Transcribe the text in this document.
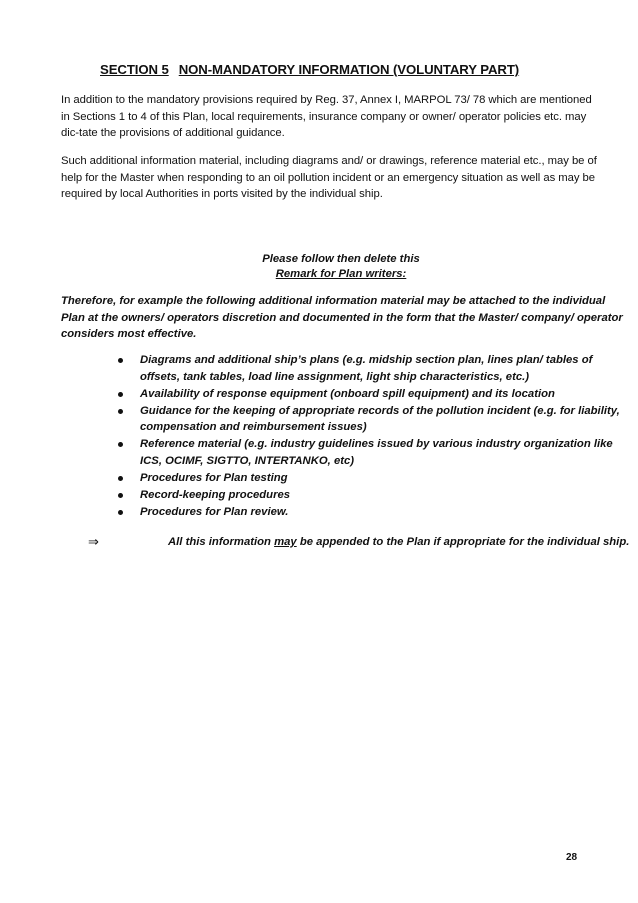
SECTION 5 NON-MANDATORY INFORMATION (VOLUNTARY PART)
In addition to the mandatory provisions required by Reg. 37, Annex I, MARPOL 73/ 78 which are mentioned in Sections 1 to 4 of this Plan, local requirements, insurance company or owner/ operator policies etc. may dic-tate the provisions of additional guidance.
Such additional information material, including diagrams and/ or drawings, reference material etc., may be of help for the Master when responding to an oil pollution incident or an emergency situation as well as may be required by local Authorities in ports visited by the individual ship.
Please follow then delete this
Remark for Plan writers:
Therefore, for example the following additional information material may be attached to the individual Plan at the owners/ operators discretion and documented in the form that the Master/ company/ operator considers most effective.
Diagrams and additional ship’s plans (e.g. midship section plan, lines plan/ tables of offsets, tank tables, load line assignment, light ship characteristics, etc.)
Availability of response equipment (onboard spill equipment) and its location
Guidance for the keeping of appropriate records of the pollution incident (e.g. for liability, compensation and reimbursement issues)
Reference material (e.g. industry guidelines issued by various industry organization like ICS, OCIMF, SIGTTO, INTERTANKO, etc)
Procedures for Plan testing
Record-keeping procedures
Procedures for Plan review.
⇒	All this information may be appended to the Plan if appropriate for the individual ship.
28
